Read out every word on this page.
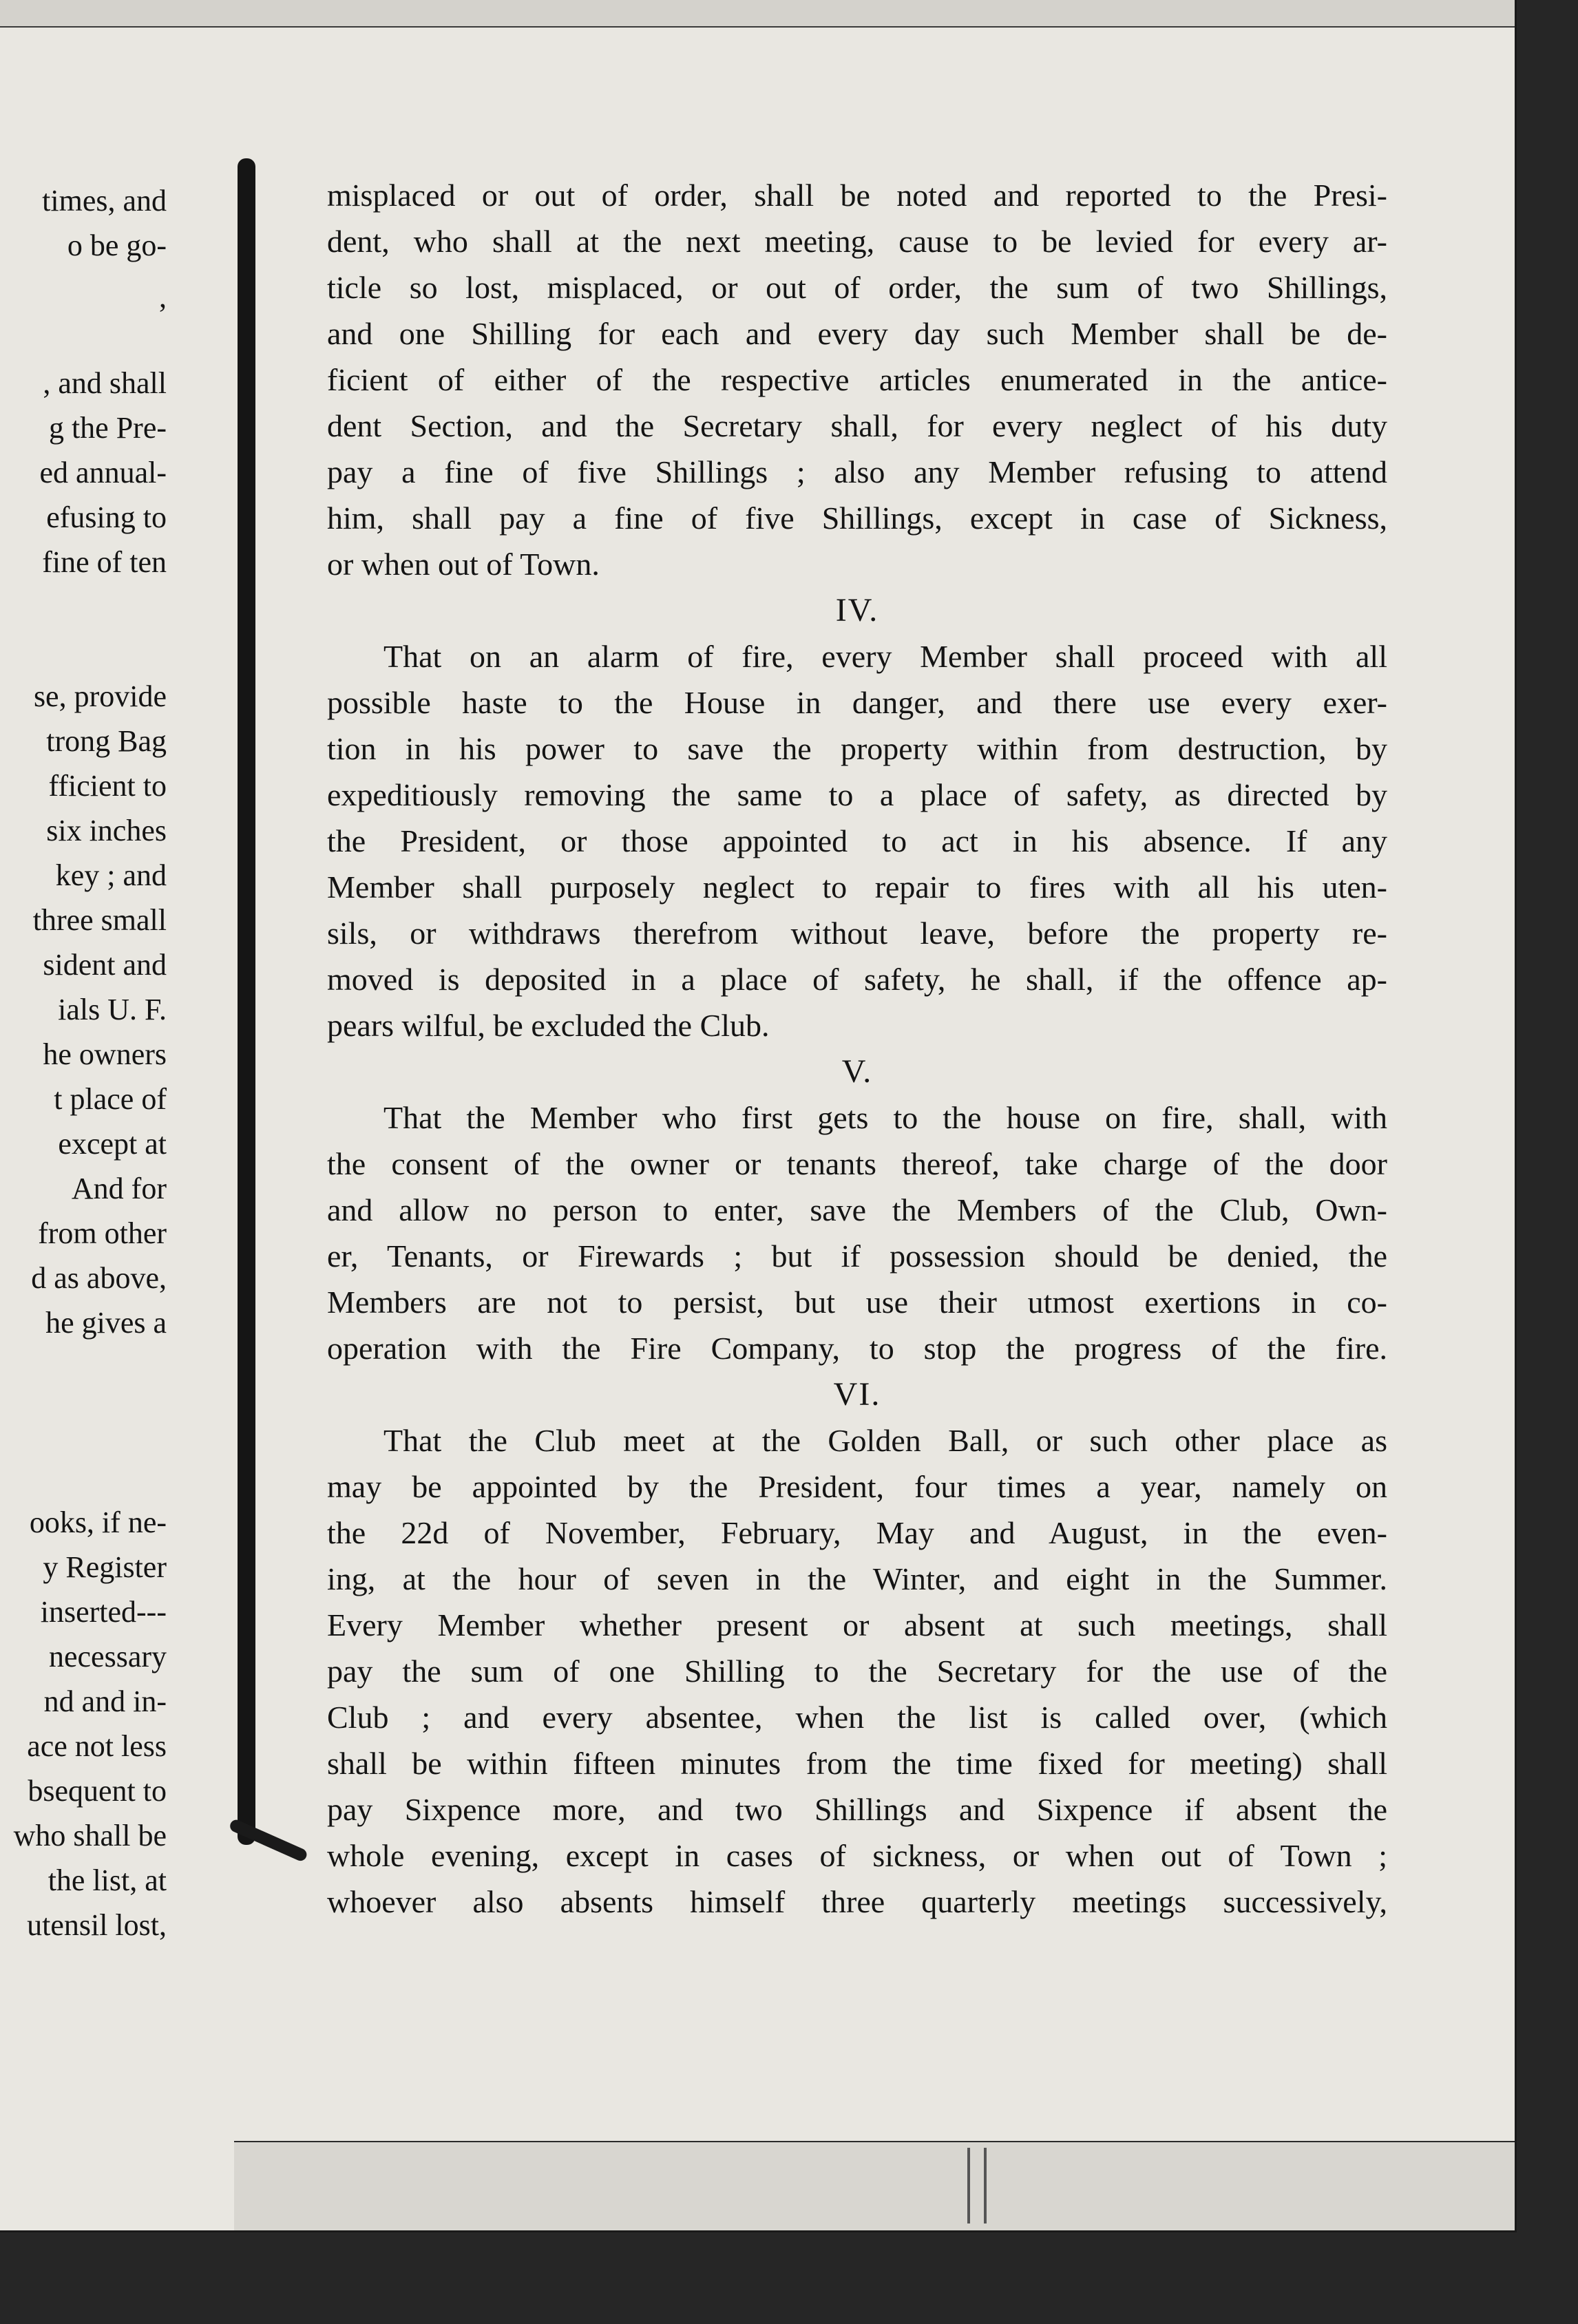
times, and
o be go-
,
, and shall
g the Pre-
ed annual-
efusing to
fine of ten
se, provide
trong Bag
fficient to
six inches
key ; and
three small
sident and
ials U. F.
he owners
t place of
except at
And for
from other
d as above,
he gives a
ooks, if ne-
y Register
inserted---
necessary
nd and in-
ace not less
bsequent to
who shall be
the list, at
utensil lost,
misplaced or out of order, shall be noted and reported to the Presi-
dent, who shall at the next meeting, cause to be levied for every ar-
ticle so lost, misplaced, or out of order, the sum of two Shillings,
and one Shilling for each and every day such Member shall be de-
ficient of either of the respective articles enumerated in the antice-
dent Section, and the Secretary shall, for every neglect of his duty
pay a fine of five Shillings ; also any Member refusing to attend
him, shall pay a fine of five Shillings, except in case of Sickness,
or when out of Town.
IV.
That on an alarm of fire, every Member shall proceed with all
possible haste to the House in danger, and there use every exer-
tion in his power to save the property within from destruction, by
expeditiously removing the same to a place of safety, as directed by
the President, or those appointed to act in his absence. If any
Member shall purposely neglect to repair to fires with all his uten-
sils, or withdraws therefrom without leave, before the property re-
moved is deposited in a place of safety, he shall, if the offence ap-
pears wilful, be excluded the Club.
V.
That the Member who first gets to the house on fire, shall, with
the consent of the owner or tenants thereof, take charge of the door
and allow no person to enter, save the Members of the Club, Own-
er, Tenants, or Firewards ; but if possession should be denied, the
Members are not to persist, but use their utmost exertions in co-
operation with the Fire Company, to stop the progress of the fire.
VI.
That the Club meet at the Golden Ball, or such other place as
may be appointed by the President, four times a year, namely on
the 22d of November, February, May and August, in the even-
ing, at the hour of seven in the Winter, and eight in the Summer.
Every Member whether present or absent at such meetings, shall
pay the sum of one Shilling to the Secretary for the use of the
Club ; and every absentee, when the list is called over, (which
shall be within fifteen minutes from the time fixed for meeting) shall
pay Sixpence more, and two Shillings and Sixpence if absent the
whole evening, except in cases of sickness, or when out of Town ;
whoever also absents himself three quarterly meetings successively,
